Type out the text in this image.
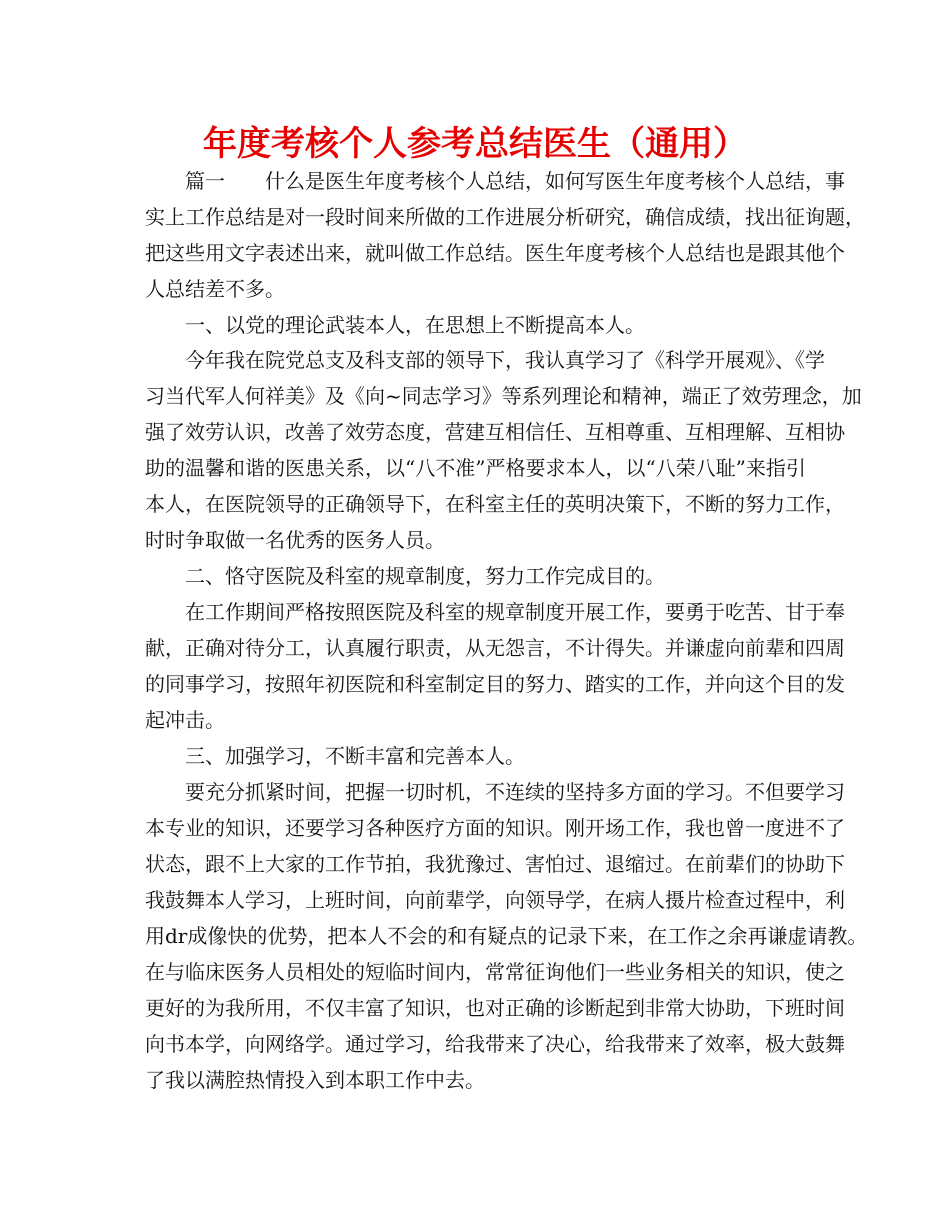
年度考核个人参考总结医生（通用）
　　篇一　　什么是医生年度考核个人总结，如何写医生年度考核个人总结，事
实上工作总结是对一段时间来所做的工作进展分析研究，确信成绩，找出征询题，
把这些用文字表述出来，就叫做工作总结。医生年度考核个人总结也是跟其他个
人总结差不多。
　　一、以党的理论武装本人，在思想上不断提高本人。
　　今年我在院党总支及科支部的领导下，我认真学习了《科学开展观》、《学
习当代军人何祥美》及《向~同志学习》等系列理论和精神，端正了效劳理念，加
强了效劳认识，改善了效劳态度，营建互相信任、互相尊重、互相理解、互相协
助的温馨和谐的医患关系，以“八不准”严格要求本人，以“八荣八耻”来指引
本人，在医院领导的正确领导下，在科室主任的英明决策下，不断的努力工作，
时时争取做一名优秀的医务人员。
　　二、恪守医院及科室的规章制度，努力工作完成目的。
　　在工作期间严格按照医院及科室的规章制度开展工作，要勇于吃苦、甘于奉
献，正确对待分工，认真履行职责，从无怨言，不计得失。并谦虚向前辈和四周
的同事学习，按照年初医院和科室制定目的努力、踏实的工作，并向这个目的发
起冲击。
　　三、加强学习，不断丰富和完善本人。
　　要充分抓紧时间，把握一切时机，不连续的坚持多方面的学习。不但要学习
本专业的知识，还要学习各种医疗方面的知识。刚开场工作，我也曾一度进不了
状态，跟不上大家的工作节拍，我犹豫过、害怕过、退缩过。在前辈们的协助下
我鼓舞本人学习，上班时间，向前辈学，向领导学，在病人摄片检查过程中，利
用dr成像快的优势，把本人不会的和有疑点的记录下来，在工作之余再谦虚请教。
在与临床医务人员相处的短临时间内，常常征询他们一些业务相关的知识，使之
更好的为我所用，不仅丰富了知识，也对正确的诊断起到非常大协助，下班时间
向书本学，向网络学。通过学习，给我带来了决心，给我带来了效率，极大鼓舞
了我以满腔热情投入到本职工作中去。
